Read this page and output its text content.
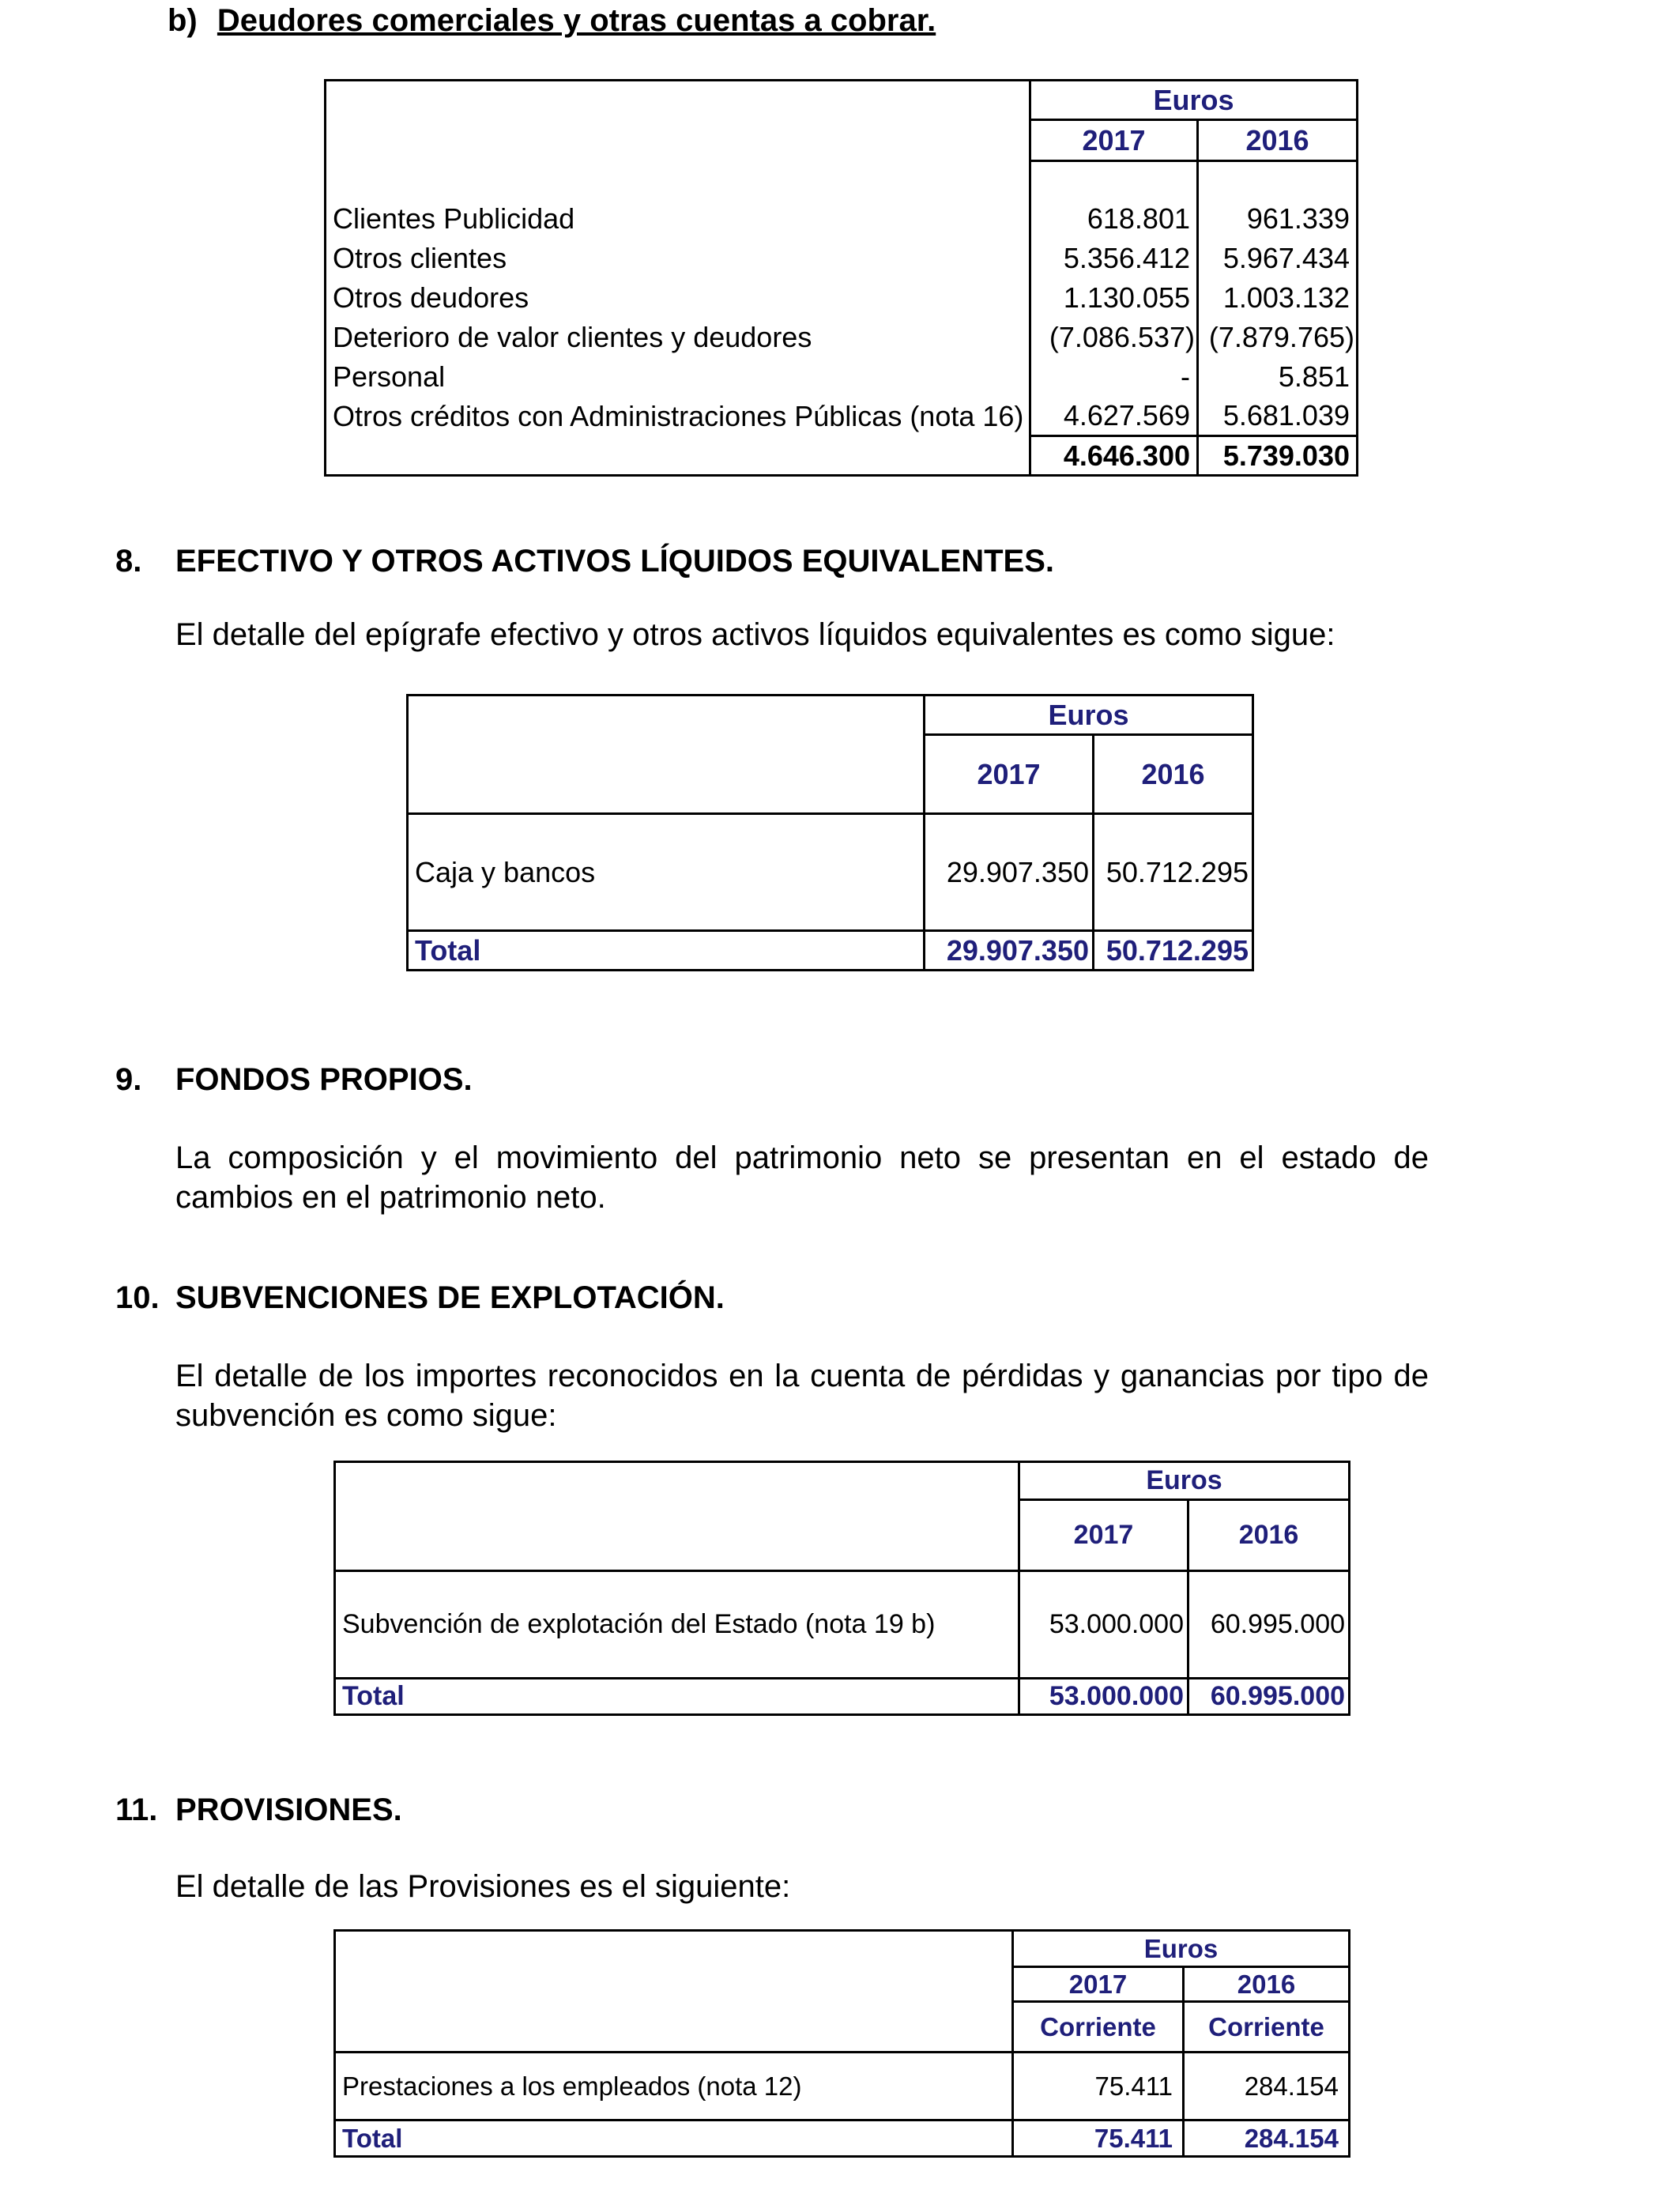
b) Deudores comerciales y otras cuentas a cobrar.
	Euros	
	2017	2016

Clientes Publicidad	618.801	961.339
Otros clientes	5.356.412	5.967.434
Otros deudores	1.130.055	1.003.132
Deterioro de valor clientes y deudores	(7.086.537)	(7.879.765)
Personal	-	5.851
Otros créditos con Administraciones Públicas (nota 16)	4.627.569	5.681.039
	4.646.300	5.739.030
8. EFECTIVO Y OTROS ACTIVOS LÍQUIDOS EQUIVALENTES.
El detalle del epígrafe efectivo y otros activos líquidos equivalentes es como sigue:
	Euros	
	2017	2016
Caja y bancos	29.907.350	50.712.295
Total	29.907.350	50.712.295
9. FONDOS PROPIOS.
La composición y el movimiento del patrimonio neto se presentan en el estado de cambios en el patrimonio neto.
10. SUBVENCIONES DE EXPLOTACIÓN.
El detalle de los importes reconocidos en la cuenta de pérdidas y ganancias por tipo de subvención es como sigue:
	Euros	
	2017	2016
Subvención de explotación del Estado (nota 19 b)	53.000.000	60.995.000
Total	53.000.000	60.995.000
11. PROVISIONES.
El detalle de las Provisiones es el siguiente:
	Euros	
	2017	2016
	Corriente	Corriente
Prestaciones a los empleados (nota 12)	75.411	284.154
Total	75.411	284.154
